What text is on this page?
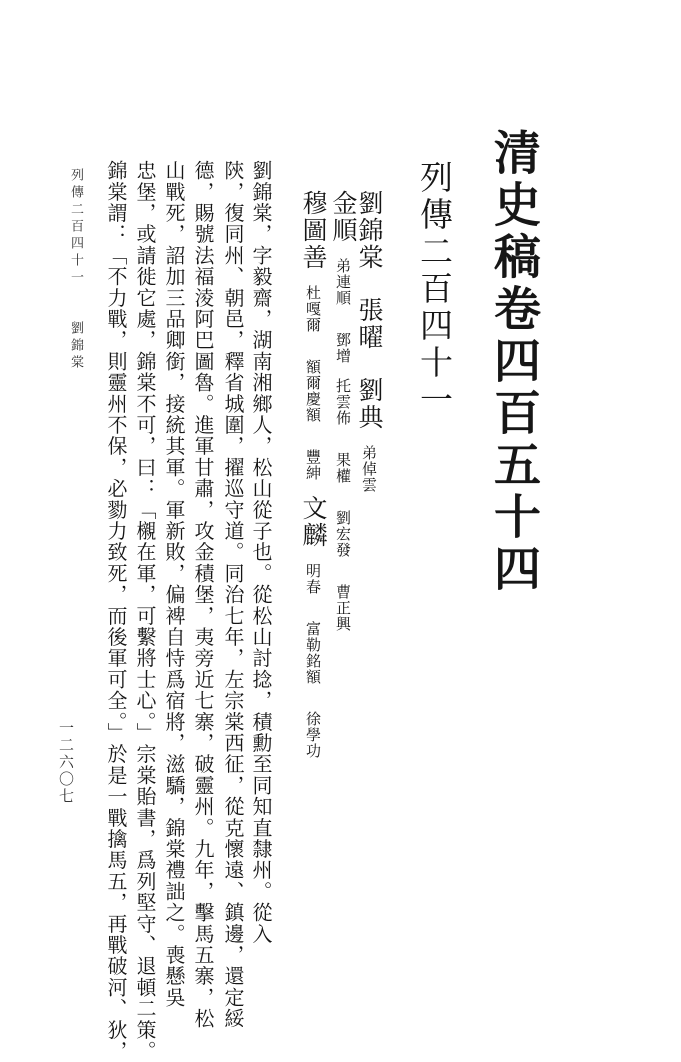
清史稿卷四百五十四
列傳二百四十一
劉錦棠張曜劉典弟倬雲
金順弟連順鄧增托雲佈果權劉宏發曹正興
穆圖善杜嘎爾額爾慶額豐紳文麟明春富勒銘額徐學功
劉錦棠，字毅齋，湖南湘鄉人，松山從子也。從松山討捻，積勳至同知直隸州。從入
陝，復同州、朝邑，釋省城圍，擢巡守道。同治七年，左宗棠西征，從克懷遠、鎮邊，還定綏
德，賜號法福淩阿巴圖魯。進軍甘肅，攻金積堡，夷旁近七寨，破靈州。九年，擊馬五寨，松
山戰死，詔加三品卿銜，接統其軍。軍新敗，偏裨自恃爲宿將，滋驕，錦棠禮詘之。喪懸吳
忠堡，或請徙它處，錦棠不可，曰：「櫬在軍，可繫將士心。」宗棠貽書，爲列堅守、退頓二策。
錦棠謂：「不力戰，則靈州不保，必勠力致死，而後軍可全。」於是一戰擒馬五，再戰破河、狄，
列傳二百四十一　　劉錦棠
一二六〇七
